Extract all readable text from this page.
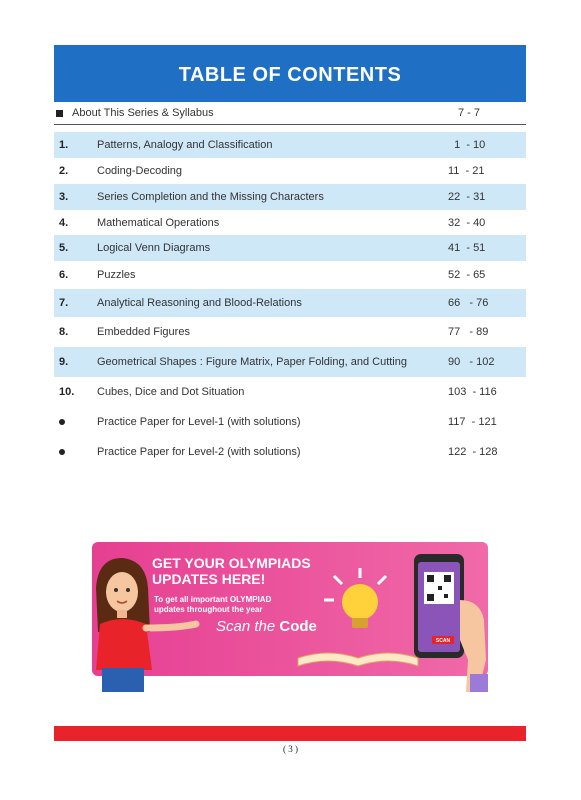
TABLE OF CONTENTS
About This Series & Syllabus	7 - 7
1.	Patterns, Analogy and Classification	1  - 10
2.	Coding-Decoding	11  - 21
3.	Series Completion and the Missing Characters	22  - 31
4.	Mathematical Operations	32  - 40
5.	Logical Venn Diagrams	41  - 51
6.	Puzzles	52  - 65
7.	Analytical Reasoning and Blood-Relations	66   - 76
8.	Embedded Figures	77   - 89
9.	Geometrical Shapes : Figure Matrix, Paper Folding, and Cutting	90   - 102
10.	Cubes, Dice and Dot Situation	103  - 116
Practice Paper for Level-1 (with solutions)	117  - 121
Practice Paper for Level-2 (with solutions)	122  - 128
GET YOUR OLYMPIADS
UPDATES HERE!
To get all important OLYMPIAD
updates throughout the year
Scan the Code
SCAN
( 3 )
